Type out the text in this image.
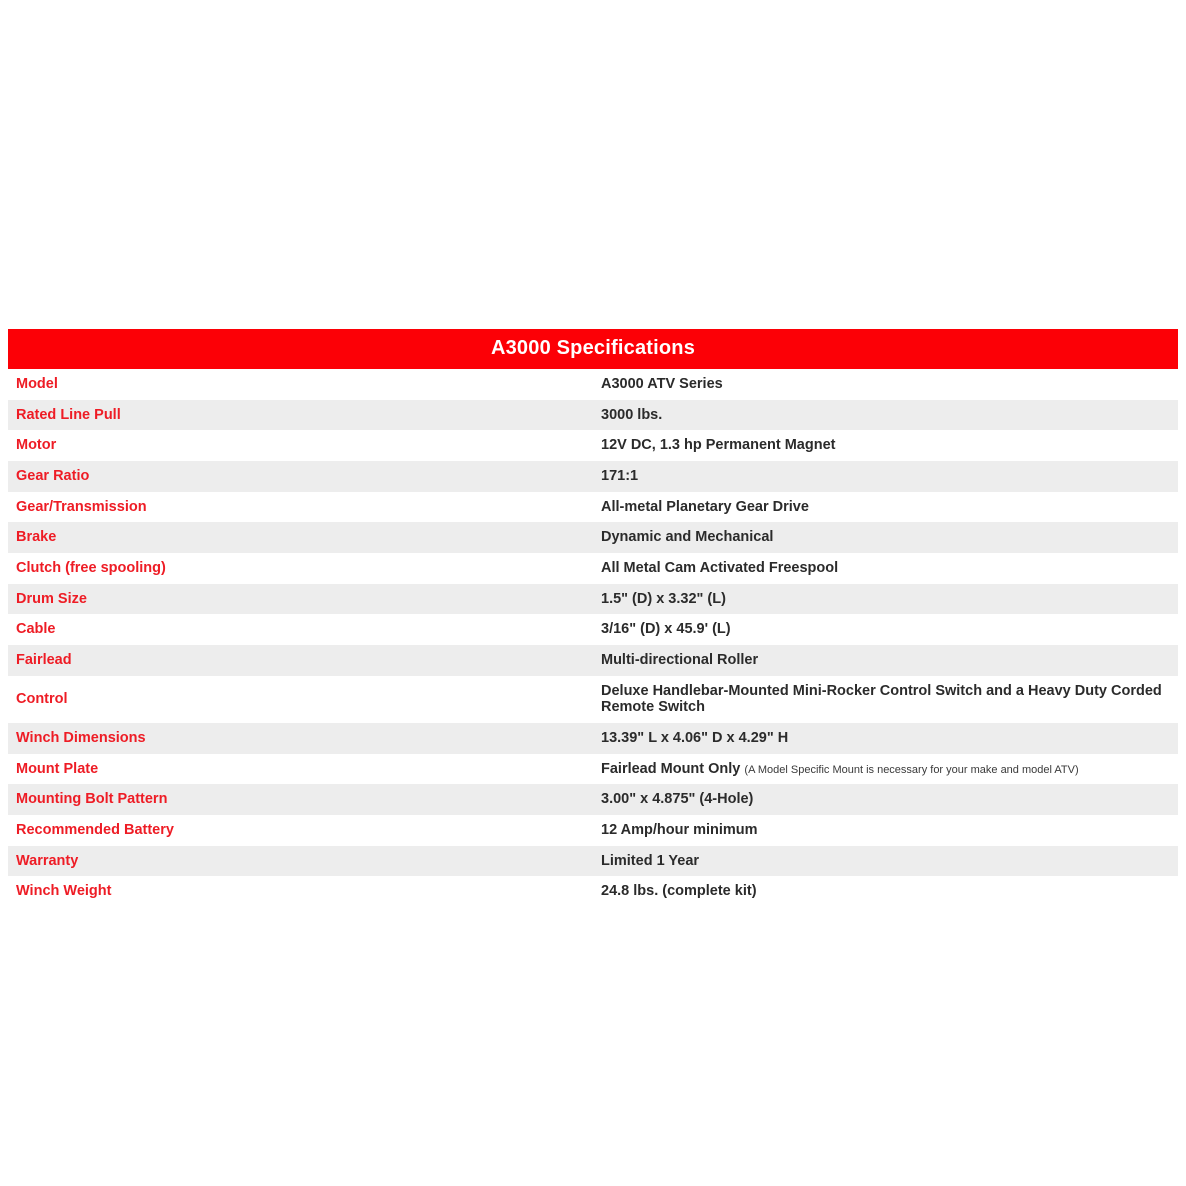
A3000 Specifications	
Model	A3000 ATV Series
Rated Line Pull	3000 lbs.
Motor	12V DC, 1.3 hp Permanent Magnet
Gear Ratio	171:1
Gear/Transmission	All-metal Planetary Gear Drive
Brake	Dynamic and Mechanical
Clutch (free spooling)	All Metal Cam Activated Freespool
Drum Size	1.5" (D) x 3.32" (L)
Cable	3/16" (D) x 45.9' (L)
Fairlead	Multi-directional Roller
Control	Deluxe Handlebar-Mounted Mini-Rocker Control Switch and a Heavy Duty Corded Remote Switch
Winch Dimensions	13.39" L x 4.06" D x 4.29" H
Mount Plate	Fairlead Mount Only (A Model Specific Mount is necessary for your make and model ATV)
Mounting Bolt Pattern	3.00" x 4.875" (4-Hole)
Recommended Battery	12 Amp/hour minimum
Warranty	Limited 1 Year
Winch Weight	24.8 lbs. (complete kit)
